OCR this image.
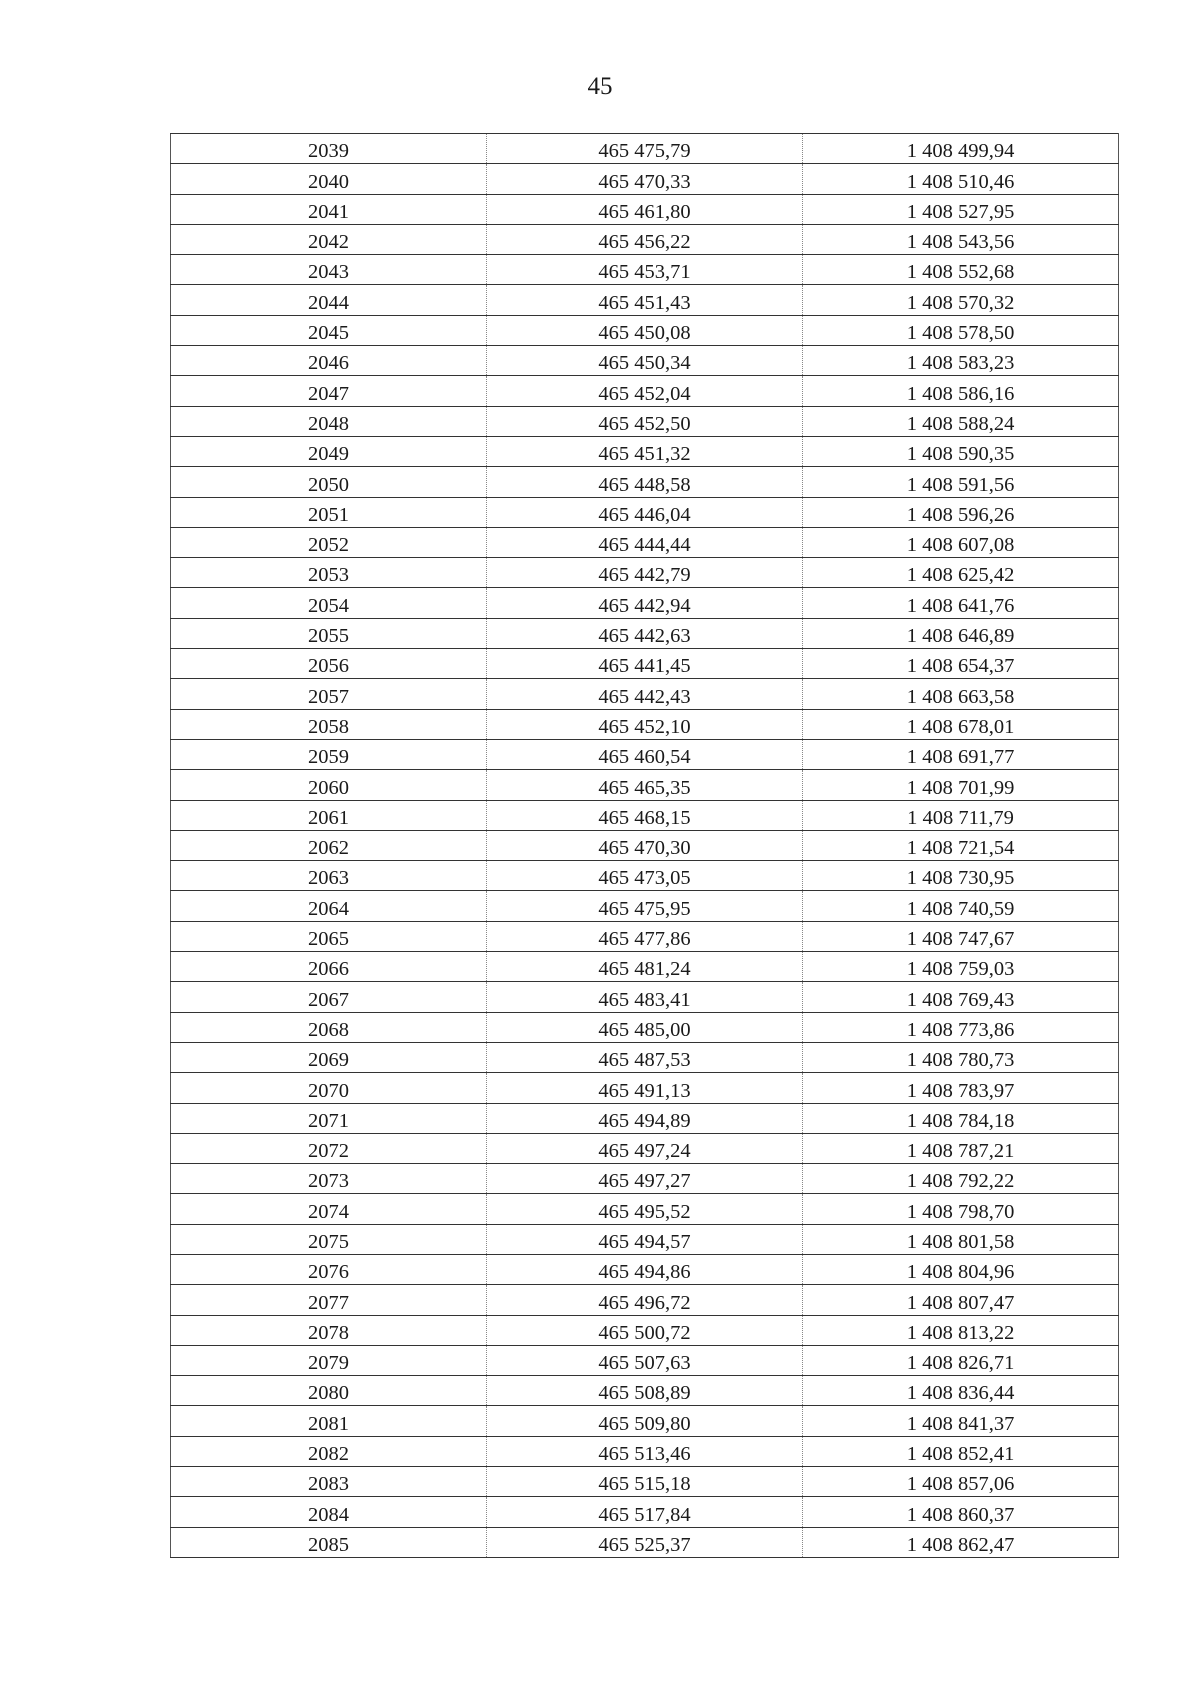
45
2039	465 475,79	1 408 499,94
2040	465 470,33	1 408 510,46
2041	465 461,80	1 408 527,95
2042	465 456,22	1 408 543,56
2043	465 453,71	1 408 552,68
2044	465 451,43	1 408 570,32
2045	465 450,08	1 408 578,50
2046	465 450,34	1 408 583,23
2047	465 452,04	1 408 586,16
2048	465 452,50	1 408 588,24
2049	465 451,32	1 408 590,35
2050	465 448,58	1 408 591,56
2051	465 446,04	1 408 596,26
2052	465 444,44	1 408 607,08
2053	465 442,79	1 408 625,42
2054	465 442,94	1 408 641,76
2055	465 442,63	1 408 646,89
2056	465 441,45	1 408 654,37
2057	465 442,43	1 408 663,58
2058	465 452,10	1 408 678,01
2059	465 460,54	1 408 691,77
2060	465 465,35	1 408 701,99
2061	465 468,15	1 408 711,79
2062	465 470,30	1 408 721,54
2063	465 473,05	1 408 730,95
2064	465 475,95	1 408 740,59
2065	465 477,86	1 408 747,67
2066	465 481,24	1 408 759,03
2067	465 483,41	1 408 769,43
2068	465 485,00	1 408 773,86
2069	465 487,53	1 408 780,73
2070	465 491,13	1 408 783,97
2071	465 494,89	1 408 784,18
2072	465 497,24	1 408 787,21
2073	465 497,27	1 408 792,22
2074	465 495,52	1 408 798,70
2075	465 494,57	1 408 801,58
2076	465 494,86	1 408 804,96
2077	465 496,72	1 408 807,47
2078	465 500,72	1 408 813,22
2079	465 507,63	1 408 826,71
2080	465 508,89	1 408 836,44
2081	465 509,80	1 408 841,37
2082	465 513,46	1 408 852,41
2083	465 515,18	1 408 857,06
2084	465 517,84	1 408 860,37
2085	465 525,37	1 408 862,47
